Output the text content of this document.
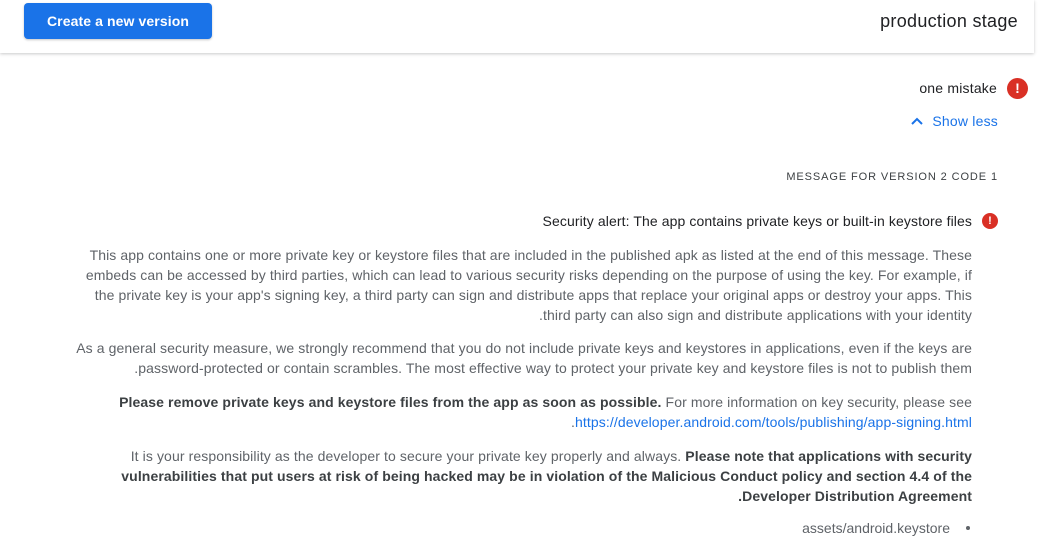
Create a new version	production stage
one mistake	!
Show less
MESSAGE FOR VERSION 2 CODE 1
Security alert: The app contains private keys or built-in keystore files	!

This app contains one or more private key or keystore files that are included in the published apk as listed at the end of this message. These embeds can be accessed by third parties, which can lead to various security risks depending on the purpose of using the key. For example, if the private key is your app's signing key, a third party can sign and distribute apps that replace your original apps or destroy your apps. This third party can also sign and distribute applications with your identity.

As a general security measure, we strongly recommend that you do not include private keys and keystores in applications, even if the keys are password-protected or contain scrambles. The most effective way to protect your private key and keystore files is not to publish them.

Please remove private keys and keystore files from the app as soon as possible. For more information on key security, please see https://developer.android.com/tools/publishing/app-signing.html.

It is your responsibility as the developer to secure your private key properly and always. Please note that applications with security vulnerabilities that put users at risk of being hacked may be in violation of the Malicious Conduct policy and section 4.4 of the Developer Distribution Agreement.

assets/android.keystore
